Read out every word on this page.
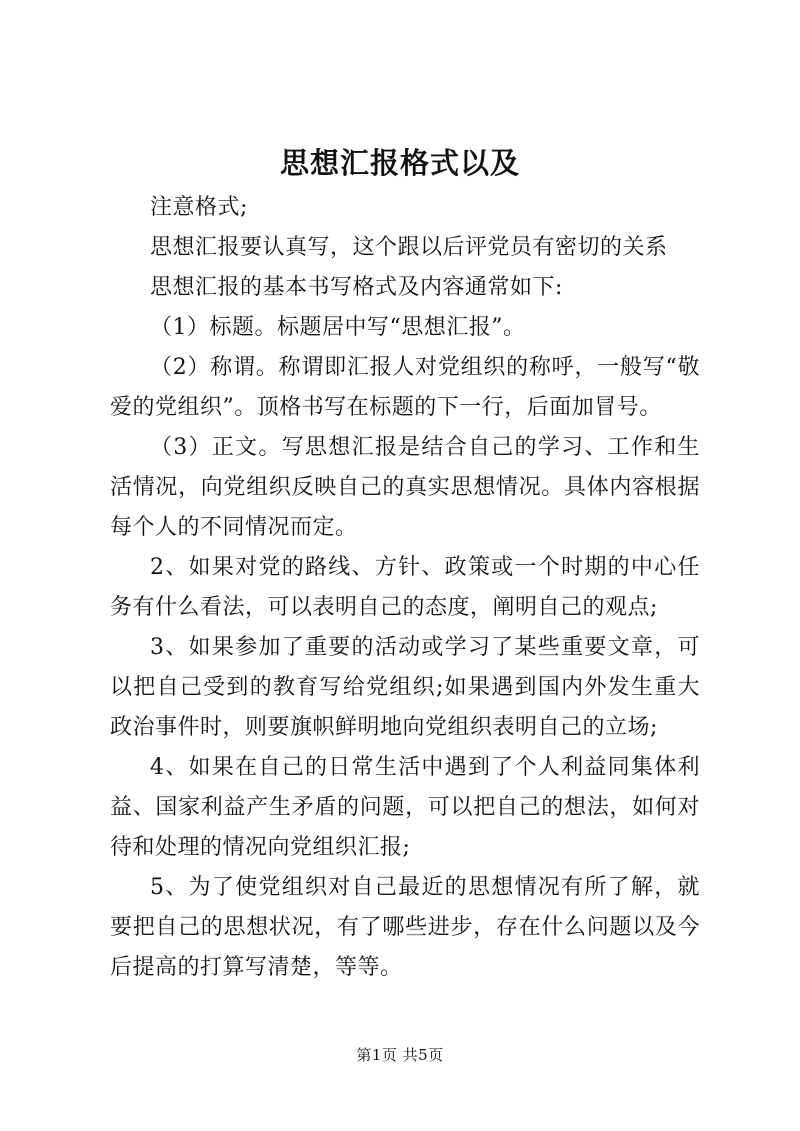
思想汇报格式以及

注意格式;

思想汇报要认真写，这个跟以后评党员有密切的关系

思想汇报的基本书写格式及内容通常如下:

（1）标题。标题居中写“思想汇报”。

（2）称谓。称谓即汇报人对党组织的称呼，一般写“敬爱的党组织”。顶格书写在标题的下一行，后面加冒号。

（3）正文。写思想汇报是结合自己的学习、工作和生活情况，向党组织反映自己的真实思想情况。具体内容根据每个人的不同情况而定。

2、如果对党的路线、方针、政策或一个时期的中心任务有什么看法，可以表明自己的态度，阐明自己的观点;

3、如果参加了重要的活动或学习了某些重要文章，可以把自己受到的教育写给党组织;如果遇到国内外发生重大政治事件时，则要旗帜鲜明地向党组织表明自己的立场;

4、如果在自己的日常生活中遇到了个人利益同集体利益、国家利益产生矛盾的问题，可以把自己的想法，如何对待和处理的情况向党组织汇报;

5、为了使党组织对自己最近的思想情况有所了解，就要把自己的思想状况，有了哪些进步，存在什么问题以及今后提高的打算写清楚，等等。

第1页 共5页
